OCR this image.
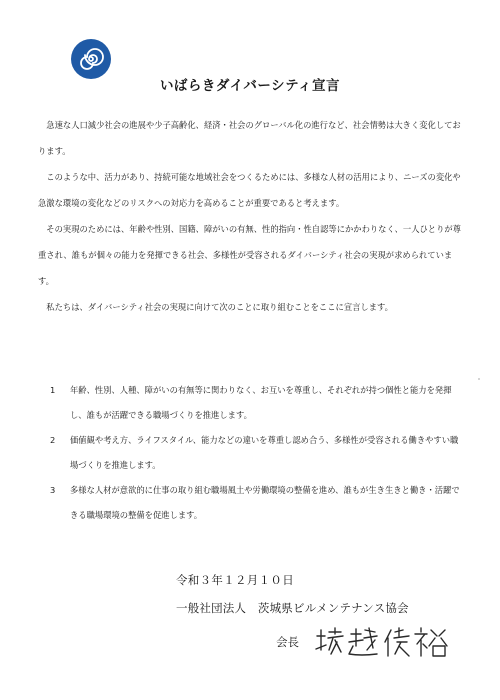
いばらきダイバーシティ宣言

急速な人口減少社会の進展や少子高齢化、経済・社会のグローバル化の進行など、社会情勢は大きく変化しております。

このような中、活力があり、持続可能な地域社会をつくるためには、多様な人材の活用により、ニーズの変化や急激な環境の変化などのリスクへの対応力を高めることが重要であると考えます。

その実現のためには、年齢や性別、国籍、障がいの有無、性的指向・性自認等にかかわりなく、一人ひとりが尊重され、誰もが個々の能力を発揮できる社会、多様性が受容されるダイバーシティ社会の実現が求められています。

私たちは、ダイバーシティ社会の実現に向けて次のことに取り組むことをここに宣言します。

1	年齢、性別、人種、障がいの有無等に関わりなく、お互いを尊重し、それぞれが持つ個性と能力を発揮し、誰もが活躍できる職場づくりを推進します。
2	価値観や考え方、ライフスタイル、能力などの違いを尊重し認め合う、多様性が受容される働きやすい職場づくりを推進します。
3	多様な人材が意欲的に仕事の取り組む職場風土や労働環境の整備を進め、誰もが生き生きと働き・活躍できる職場環境の整備を促進します。
令和３年１２月１０日
一般社団法人　茨城県ビルメンテナンス協会
会長
